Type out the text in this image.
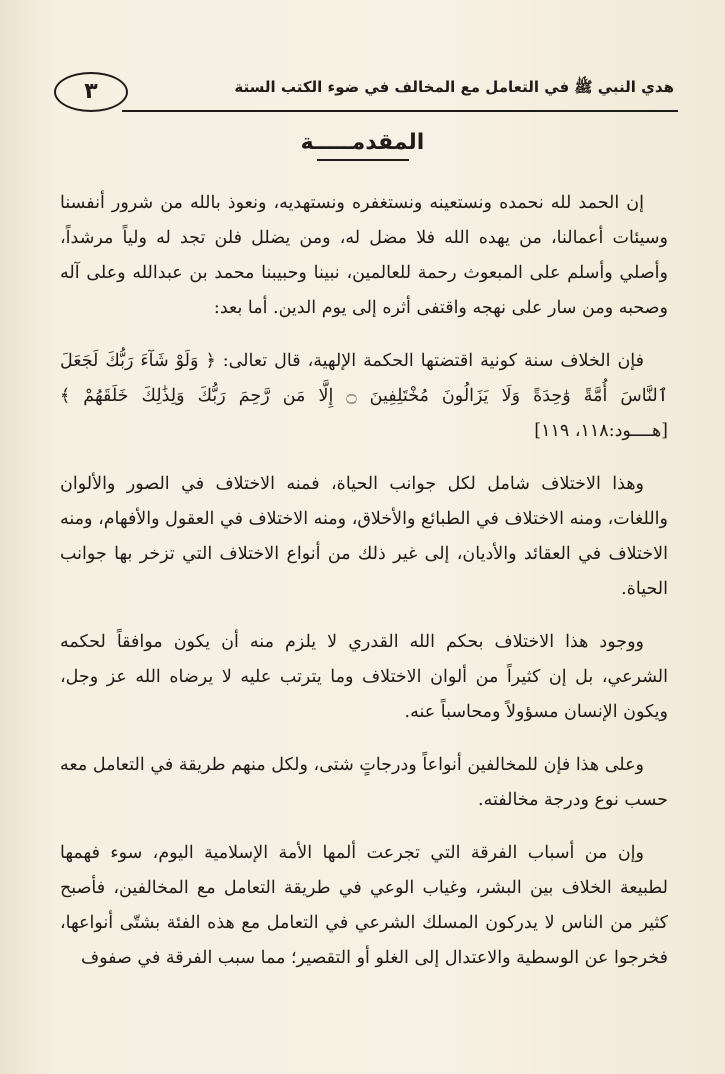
٣	هدي النبي ﷺ في التعامل مع المخالف في ضوء الكتب الستة
المقدمـــــة

إن الحمد لله نحمده ونستعينه ونستغفره ونستهديه، ونعوذ بالله من شرور أنفسنا وسيئات أعمالنا، من يهده الله فلا مضل له، ومن يضلل فلن تجد له ولياً مرشداً، وأصلي وأسلم على المبعوث رحمة للعالمين، نبينا وحبيبنا محمد بن عبدالله وعلى آله وصحبه ومن سار على نهجه واقتفى أثره إلى يوم الدين. أما بعد:

فإن الخلاف سنة كونية اقتضتها الحكمة الإلهية، قال تعالى: ﴿ وَلَوْ شَآءَ رَبُّكَ لَجَعَلَ ٱلنَّاسَ أُمَّةً وَٰحِدَةً وَلَا يَزَالُونَ مُخْتَلِفِينَ ۝ إِلَّا مَن رَّحِمَ رَبُّكَ وَلِذَٰلِكَ خَلَقَهُمْ ﴾ [هــــود:١١٨، ١١٩]

وهذا الاختلاف شامل لكل جوانب الحياة، فمنه الاختلاف في الصور والألوان واللغات، ومنه الاختلاف في الطبائع والأخلاق، ومنه الاختلاف في العقول والأفهام، ومنه الاختلاف في العقائد والأديان، إلى غير ذلك من أنواع الاختلاف التي تزخر بها جوانب الحياة.

ووجود هذا الاختلاف بحكم الله القدري لا يلزم منه أن يكون موافقاً لحكمه الشرعي، بل إن كثيراً من ألوان الاختلاف وما يترتب عليه لا يرضاه الله عز وجل، ويكون الإنسان مسؤولاً ومحاسباً عنه.

وعلى هذا فإن للمخالفين أنواعاً ودرجاتٍ شتى، ولكل منهم طريقة في التعامل معه حسب نوع ودرجة مخالفته.

وإن من أسباب الفرقة التي تجرعت ألمها الأمة الإسلامية اليوم، سوء فهمها لطبيعة الخلاف بين البشر، وغياب الوعي في طريقة التعامل مع المخالفين، فأصبح كثير من الناس لا يدركون المسلك الشرعي في التعامل مع هذه الفئة بشتّى أنواعها، فخرجوا عن الوسطية والاعتدال إلى الغلو أو التقصير؛ مما سبب الفرقة في صفوف
